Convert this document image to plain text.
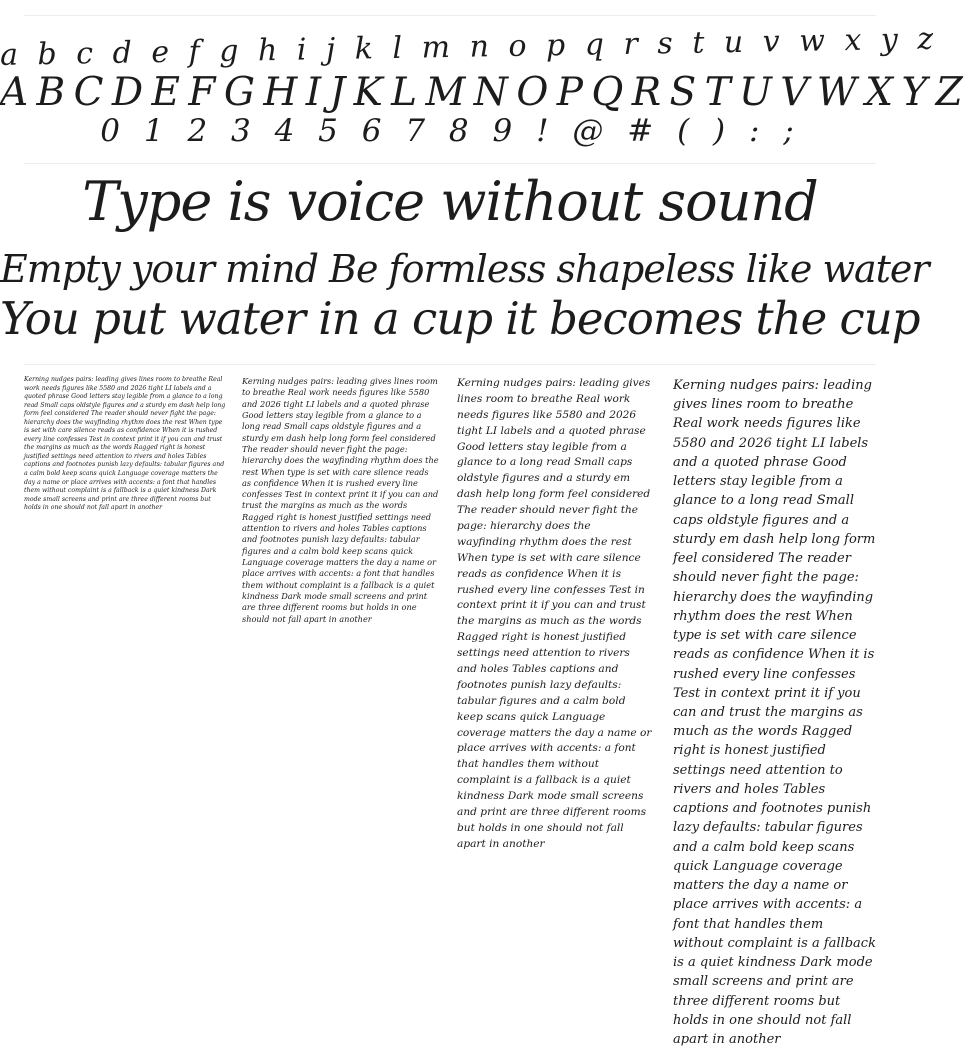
a b c d e f g h i j k l m n o p q r s t u v w x y z
A B C D E F G H I J K L M N O P Q R S T U V W X Y Z
0 1 2 3 4 5 6 7 8 9 ! @ # ( ) : ;
Type is voice without sound
Empty your mind Be formless shapeless like water
You put water in a cup it becomes the cup
Kerning nudges pairs: leading gives lines room to breathe Real work needs figures like 5580 and 2026 tight LI labels and a quoted phrase Good letters stay legible from a glance to a long read Small caps oldstyle figures and a sturdy em dash help long form feel considered The reader should never fight the page: hierarchy does the wayfinding rhythm does the rest When type is set with care silence reads as confidence When it is rushed every line confesses Test in context print it if you can and trust the margins as much as the words Ragged right is honest justified settings need attention to rivers and holes Tables captions and footnotes punish lazy defaults: tabular figures and a calm bold keep scans quick Language coverage matters the day a name or place arrives with accents: a font that handles them without complaint is a fallback is a quiet kindness Dark mode small screens and print are three different rooms but holds in one should not fall apart in another
Kerning nudges pairs: leading gives lines room to breathe Real work needs figures like 5580 and 2026 tight LI labels and a quoted phrase Good letters stay legible from a glance to a long read Small caps oldstyle figures and a sturdy em dash help long form feel considered The reader should never fight the page: hierarchy does the wayfinding rhythm does the rest When type is set with care silence reads as confidence When it is rushed every line confesses Test in context print it if you can and trust the margins as much as the words Ragged right is honest justified settings need attention to rivers and holes Tables captions and footnotes punish lazy defaults: tabular figures and a calm bold keep scans quick Language coverage matters the day a name or place arrives with accents: a font that handles them without complaint is a fallback is a quiet kindness Dark mode small screens and print are three different rooms but holds in one should not fall apart in another
Kerning nudges pairs: leading gives lines room to breathe Real work needs figures like 5580 and 2026 tight LI labels and a quoted phrase Good letters stay legible from a glance to a long read Small caps oldstyle figures and a sturdy em dash help long form feel considered The reader should never fight the page: hierarchy does the wayfinding rhythm does the rest When type is set with care silence reads as confidence When it is rushed every line confesses Test in context print it if you can and trust the margins as much as the words Ragged right is honest justified settings need attention to rivers and holes Tables captions and footnotes punish lazy defaults: tabular figures and a calm bold keep scans quick Language coverage matters the day a name or place arrives with accents: a font that handles them without complaint is a fallback is a quiet kindness Dark mode small screens and print are three different rooms but holds in one should not fall apart in another
Kerning nudges pairs: leading gives lines room to breathe Real work needs figures like 5580 and 2026 tight LI labels and a quoted phrase Good letters stay legible from a glance to a long read Small caps oldstyle figures and a sturdy em dash help long form feel considered The reader should never fight the page: hierarchy does the wayfinding rhythm does the rest When type is set with care silence reads as confidence When it is rushed every line confesses Test in context print it if you can and trust the margins as much as the words Ragged right is honest justified settings need attention to rivers and holes Tables captions and footnotes punish lazy defaults: tabular figures and a calm bold keep scans quick Language coverage matters the day a name or place arrives with accents: a font that handles them without complaint is a fallback is a quiet kindness Dark mode small screens and print are three different rooms but holds in one should not fall apart in another
